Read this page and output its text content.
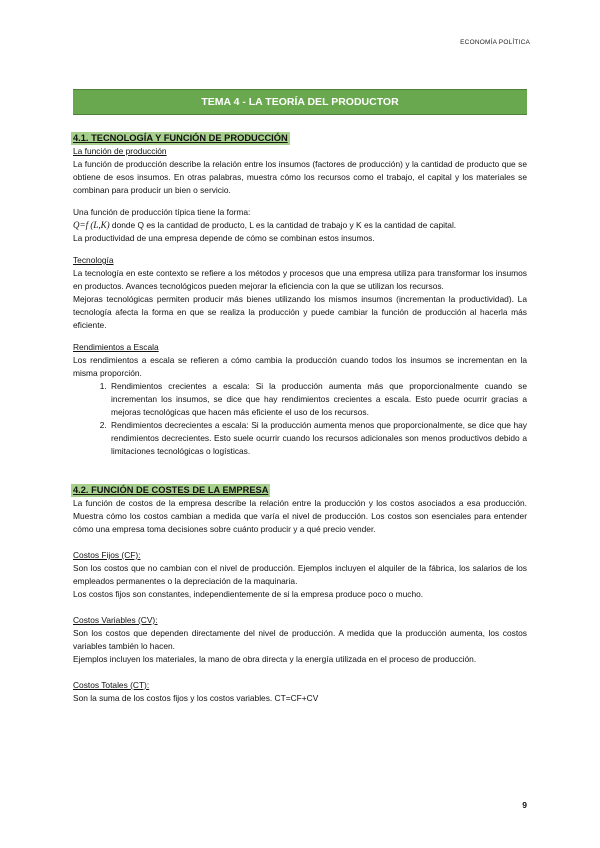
ECONOMÍA POLÍTICA
TEMA 4 - LA TEORÍA DEL PRODUCTOR
4.1. TECNOLOGÍA Y FUNCIÓN DE PRODUCCIÓN

La función de producción

La función de producción describe la relación entre los insumos (factores de producción) y la cantidad de producto que se obtiene de esos insumos. En otras palabras, muestra cómo los recursos como el trabajo, el capital y los materiales se combinan para producir un bien o servicio.

Una función de producción típica tiene la forma:

Q=f (L,K) donde Q es la cantidad de producto, L es la cantidad de trabajo y K es la cantidad de capital.

La productividad de una empresa depende de cómo se combinan estos insumos.

Tecnología

La tecnología en este contexto se refiere a los métodos y procesos que una empresa utiliza para transformar los insumos en productos. Avances tecnológicos pueden mejorar la eficiencia con la que se utilizan los recursos.

Mejoras tecnológicas permiten producir más bienes utilizando los mismos insumos (incrementan la productividad). La tecnología afecta la forma en que se realiza la producción y puede cambiar la función de producción al hacerla más eficiente.

Rendimientos a Escala

Los rendimientos a escala se refieren a cómo cambia la producción cuando todos los insumos se incrementan en la misma proporción.

1. Rendimientos crecientes a escala: Si la producción aumenta más que proporcionalmente cuando se incrementan los insumos, se dice que hay rendimientos crecientes a escala. Esto puede ocurrir gracias a mejoras tecnológicas que hacen más eficiente el uso de los recursos.
2. Rendimientos decrecientes a escala: Si la producción aumenta menos que proporcionalmente, se dice que hay rendimientos decrecientes. Esto suele ocurrir cuando los recursos adicionales son menos productivos debido a limitaciones tecnológicas o logísticas.
4.2. FUNCIÓN DE COSTES DE LA EMPRESA

La función de costos de la empresa describe la relación entre la producción y los costos asociados a esa producción. Muestra cómo los costos cambian a medida que varía el nivel de producción. Los costos son esenciales para entender cómo una empresa toma decisiones sobre cuánto producir y a qué precio vender.

Costos Fijos (CF):

Son los costos que no cambian con el nivel de producción. Ejemplos incluyen el alquiler de la fábrica, los salarios de los empleados permanentes o la depreciación de la maquinaria.

Los costos fijos son constantes, independientemente de si la empresa produce poco o mucho.

Costos Variables (CV):

Son los costos que dependen directamente del nivel de producción. A medida que la producción aumenta, los costos variables también lo hacen.

Ejemplos incluyen los materiales, la mano de obra directa y la energía utilizada en el proceso de producción.

Costos Totales (CT):

Son la suma de los costos fijos y los costos variables. CT=CF+CV

9
